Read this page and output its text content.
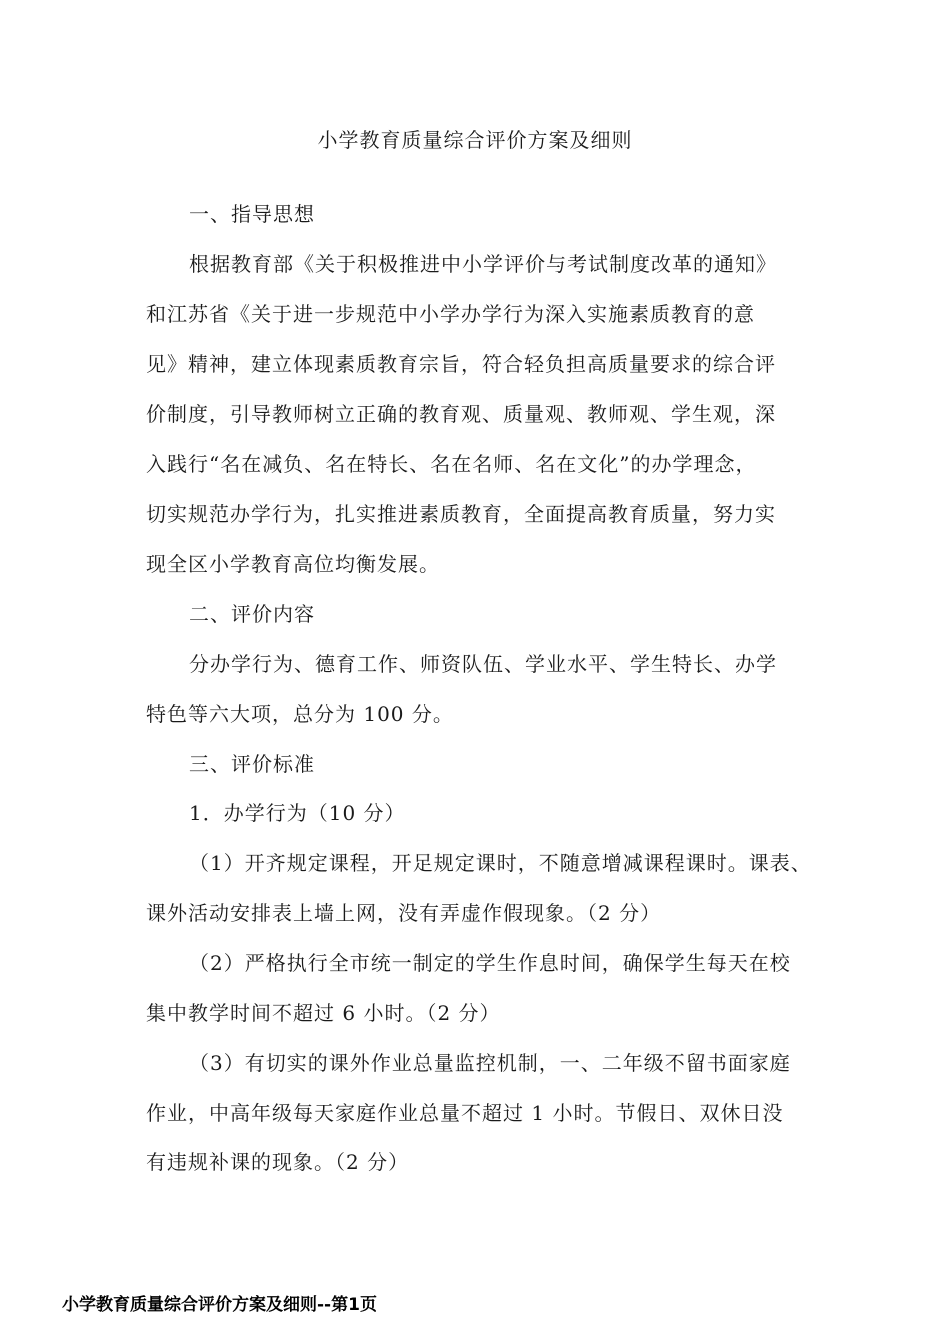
小学教育质量综合评价方案及细则
一、指导思想
根据教育部《关于积极推进中小学评价与考试制度改革的通知》
和江苏省《关于进一步规范中小学办学行为深入实施素质教育的意
见》精神，建立体现素质教育宗旨，符合轻负担高质量要求的综合评
价制度，引导教师树立正确的教育观、质量观、教师观、学生观，深
入践行“名在减负、名在特长、名在名师、名在文化”的办学理念，
切实规范办学行为，扎实推进素质教育，全面提高教育质量，努力实
现全区小学教育高位均衡发展。
二、评价内容
分办学行为、德育工作、师资队伍、学业水平、学生特长、办学
特色等六大项，总分为 100 分。
三、评价标准
1．办学行为（10 分）
（1）开齐规定课程，开足规定课时，不随意增减课程课时。课表、
课外活动安排表上墙上网，没有弄虚作假现象。（2 分）
（2）严格执行全市统一制定的学生作息时间，确保学生每天在校
集中教学时间不超过 6 小时。（2 分）
（3）有切实的课外作业总量监控机制，一、二年级不留书面家庭
作业，中高年级每天家庭作业总量不超过 1 小时。节假日、双休日没
有违规补课的现象。（2 分）
小学教育质量综合评价方案及细则--第1页
